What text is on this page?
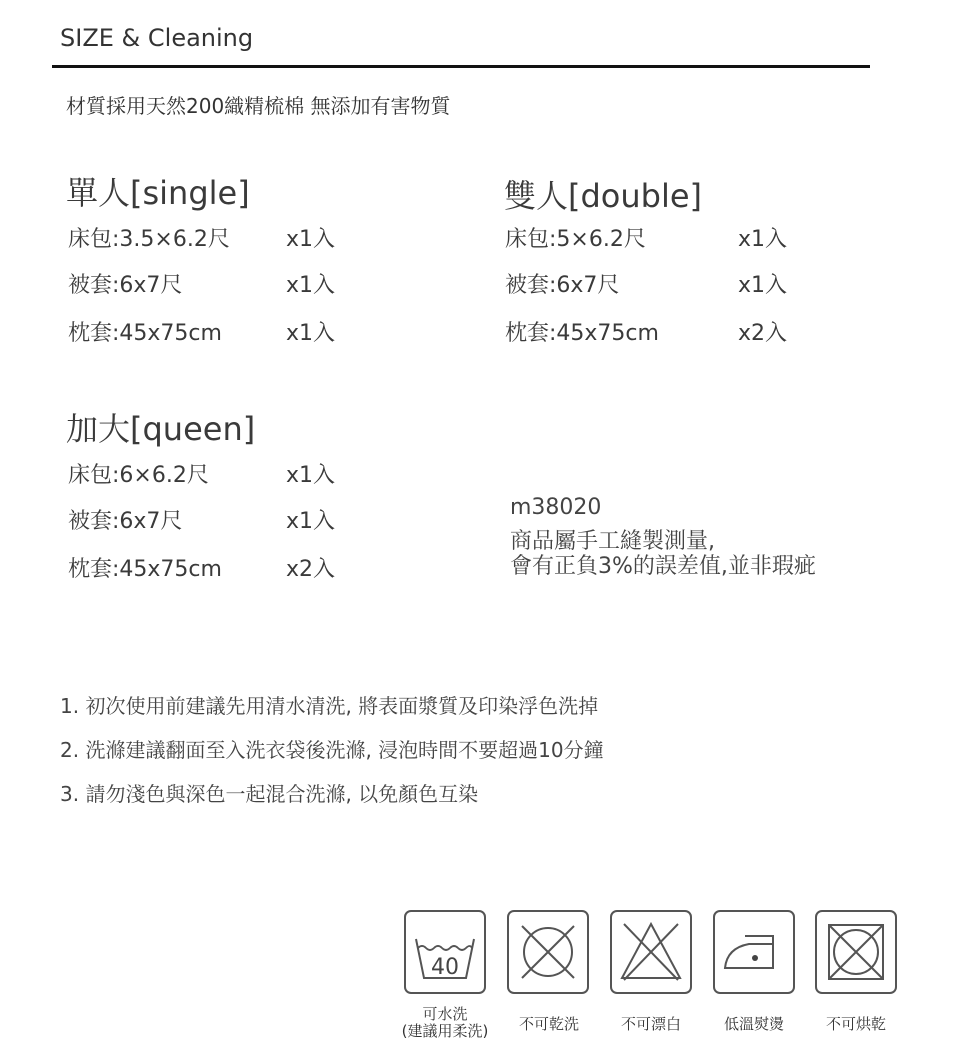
SIZE & Cleaning
材質採用天然200織精梳棉 無添加有害物質
單人[single]
床包:3.5×6.2尺	x1入
被套:6x7尺	x1入
枕套:45x75cm	x1入
雙人[double]
床包:5×6.2尺	x1入
被套:6x7尺	x1入
枕套:45x75cm	x2入
加大[queen]
床包:6×6.2尺	x1入
被套:6x7尺	x1入
枕套:45x75cm	x2入
m38020
商品屬手工縫製測量,
會有正負3%的誤差值,並非瑕疵
1. 初次使用前建議先用清水清洗, 將表面漿質及印染浮色洗掉
2. 洗滌建議翻面至入洗衣袋後洗滌, 浸泡時間不要超過10分鐘
3. 請勿淺色與深色一起混合洗滌, 以免顏色互染
40
可水洗
(建議用柔洗)	不可乾洗	不可漂白	低溫熨燙	不可烘乾
